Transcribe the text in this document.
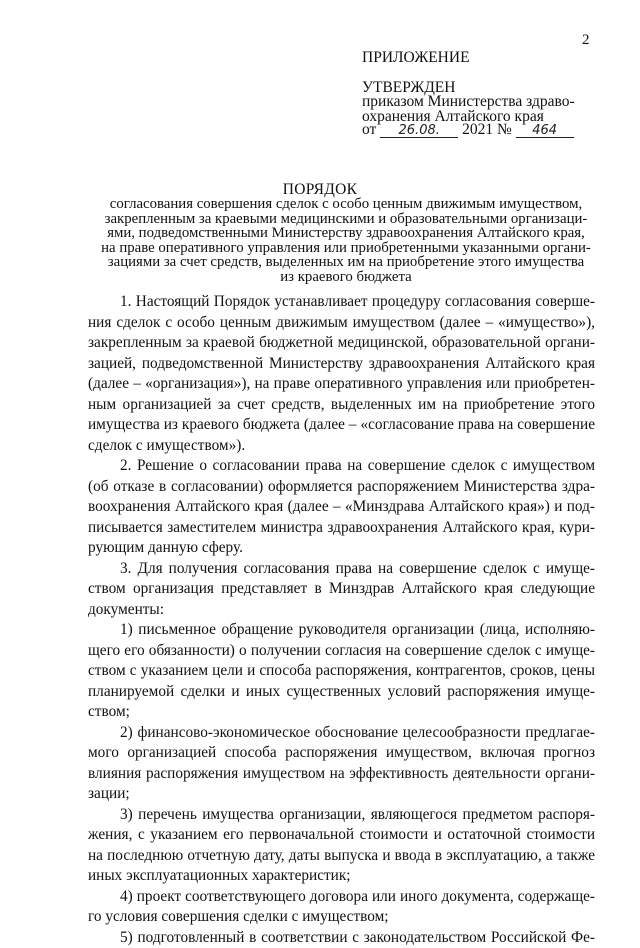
2
ПРИЛОЖЕНИЕ
УТВЕРЖДЕН
приказом Министерства здраво-
охранения Алтайского края
от 26.08. 2021 № 464
ПОРЯДОК
согласования совершения сделок с особо ценным движимым имуществом,
закрепленным за краевыми медицинскими и образовательными организаци-
ями, подведомственными Министерству здравоохранения Алтайского края,
на праве оперативного управления или приобретенными указанными органи-
зациями за счет средств, выделенных им на приобретение этого имущества
из краевого бюджета
1. Настоящий Порядок устанавливает процедуру согласования соверше-
ния сделок с особо ценным движимым имуществом (далее – «имущество»),
закрепленным за краевой бюджетной медицинской, образовательной органи-
зацией, подведомственной Министерству здравоохранения Алтайского края
(далее – «организация»), на праве оперативного управления или приобретен-
ным организацией за счет средств, выделенных им на приобретение этого
имущества из краевого бюджета (далее – «согласование права на совершение
сделок с имуществом»).
2. Решение о согласовании права на совершение сделок с имуществом
(об отказе в согласовании) оформляется распоряжением Министерства здра-
воохранения Алтайского края (далее – «Минздрава Алтайского края») и под-
писывается заместителем министра здравоохранения Алтайского края, кури-
рующим данную сферу.
3. Для получения согласования права на совершение сделок с имуще-
ством организация представляет в Минздрав Алтайского края следующие
документы:
1) письменное обращение руководителя организации (лица, исполняю-
щего его обязанности) о получении согласия на совершение сделок с имуще-
ством с указанием цели и способа распоряжения, контрагентов, сроков, цены
планируемой сделки и иных существенных условий распоряжения имуще-
ством;
2) финансово-экономическое обоснование целесообразности предлагае-
мого организацией способа распоряжения имуществом, включая прогноз
влияния распоряжения имуществом на эффективность деятельности органи-
зации;
3) перечень имущества организации, являющегося предметом распоря-
жения, с указанием его первоначальной стоимости и остаточной стоимости
на последнюю отчетную дату, даты выпуска и ввода в эксплуатацию, а также
иных эксплуатационных характеристик;
4) проект соответствующего договора или иного документа, содержаще-
го условия совершения сделки с имуществом;
5) подготовленный в соответствии с законодательством Российской Фе-
